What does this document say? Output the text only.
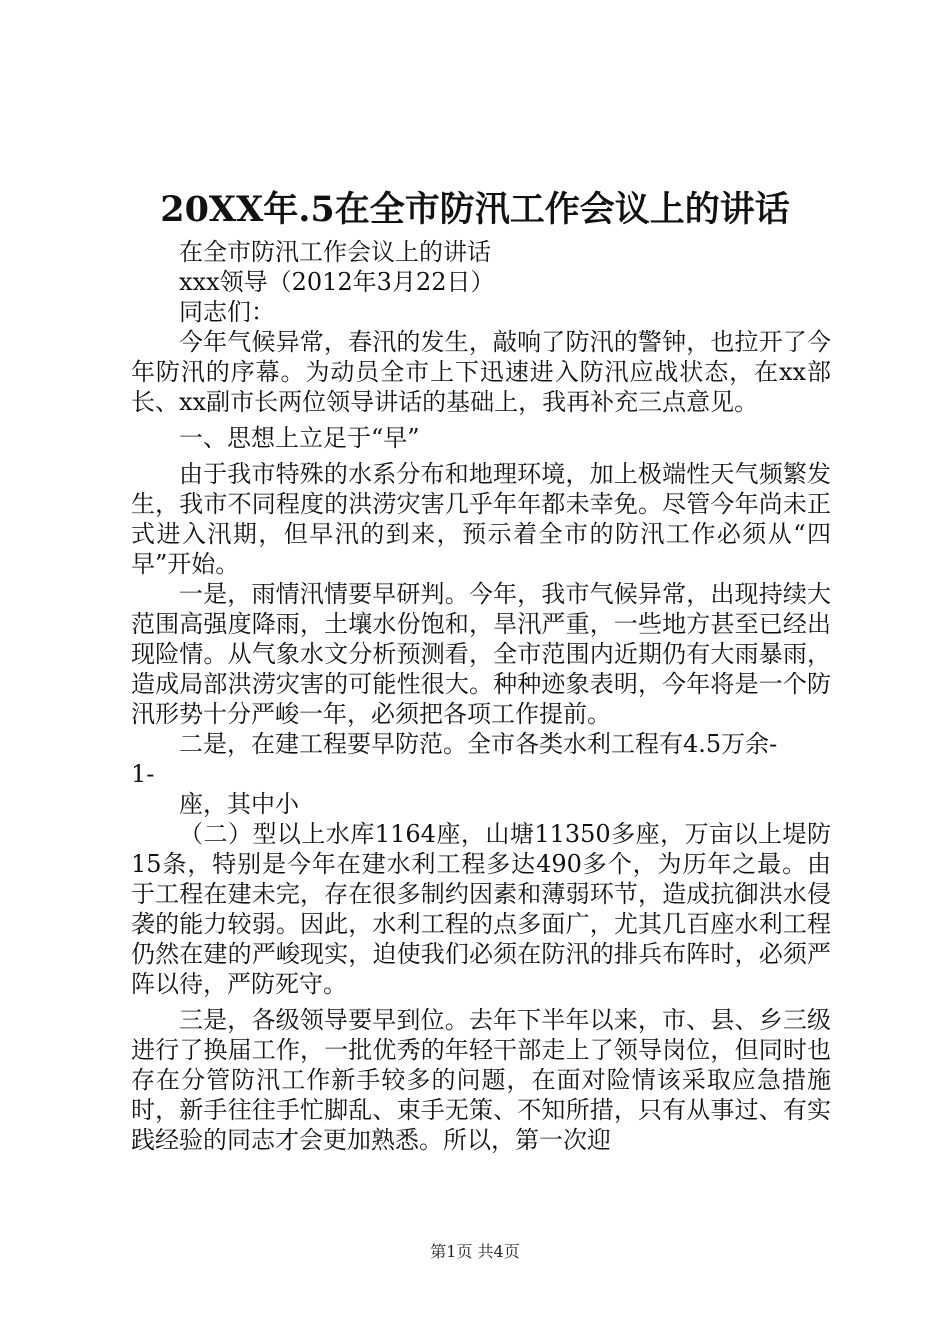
20XX年.5在全市防汛工作会议上的讲话

在全市防汛工作会议上的讲话

xxx领导（2012年3月22日）

同志们：

今年气候异常，春汛的发生，敲响了防汛的警钟，也拉开了今年防汛的序幕。为动员全市上下迅速进入防汛应战状态，在xx部长、xx副市长两位领导讲话的基础上，我再补充三点意见。

一、思想上立足于“早”

由于我市特殊的水系分布和地理环境，加上极端性天气频繁发生，我市不同程度的洪涝灾害几乎年年都未幸免。尽管今年尚未正式进入汛期，但早汛的到来，预示着全市的防汛工作必须从“四早”开始。

一是，雨情汛情要早研判。今年，我市气候异常，出现持续大范围高强度降雨，土壤水份饱和，旱汛严重，一些地方甚至已经出现险情。从气象水文分析预测看，全市范围内近期仍有大雨暴雨，造成局部洪涝灾害的可能性很大。种种迹象表明，今年将是一个防汛形势十分严峻一年，必须把各项工作提前。

二是，在建工程要早防范。全市各类水利工程有4.5万余-

1-

座，其中小

（二）型以上水库1164座，山塘11350多座，万亩以上堤防15条，特别是今年在建水利工程多达490多个，为历年之最。由于工程在建未完，存在很多制约因素和薄弱环节，造成抗御洪水侵袭的能力较弱。因此，水利工程的点多面广，尤其几百座水利工程仍然在建的严峻现实，迫使我们必须在防汛的排兵布阵时，必须严阵以待，严防死守。

三是，各级领导要早到位。去年下半年以来，市、县、乡三级进行了换届工作，一批优秀的年轻干部走上了领导岗位，但同时也存在分管防汛工作新手较多的问题，在面对险情该采取应急措施时，新手往往手忙脚乱、束手无策、不知所措，只有从事过、有实践经验的同志才会更加熟悉。所以，第一次迎

第1页 共4页
